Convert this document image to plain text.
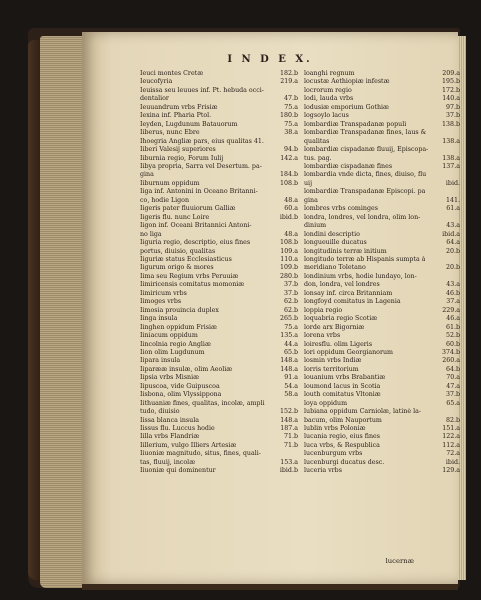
I N D E X.
Ieuci montes Cretæ	182.b
Ieucofyria	219.a
Ieuissa seu leuues inf. Pt. hebuda occi-
dentalior	47.b
Ieuuandrum vrbs Frisiæ	75.a
Iexina inf. Pharia Ptol.	180.b
Ieyden, Lugdunum Batauorum	75.a
Iiberus, nunc Ebre	38.a
Ihoegria Angliæ pars, eius qualitas 41.
Iiberi Valesij superiores	94.b
Iiburnia regio, Forum Iulij	142.a
Iibya propria, Sarra vel Desertum. pa-
gina	184.b
Iiburnum oppidum	108.b
Iiga inf. Antonini in Oceano Britanni-
co, hodie Ligon	48.a
Iigeris pater fluuiorum Galliæ	60.a
Iigeris flu. nunc Loire	ibid.b
Iigon inf. Oceani Britannici Antoni-
no liga	48.a
Iiguria regio, descriptio, eius fines	108.b
portus, diuisio, qualitas	109.a
Iiguriæ status Ecclesiasticus	110.a
Iigurum origo & mores	109.b
Iima seu Regium vrbs Peruuiæ	280.b
Iimiricensis comitatus momoniæ	37.b
Iimiricum vrbs	37.b
Iimoges vrbs	62.b
Iimosia prouincia duplex	62.b
Iinga insula	265.b
Iinghen oppidum Frisiæ	75.a
Iiniacum oppidum	135.a
Iincolnia regio Angliæ	44.a
Iion olim Lugdunum	65.b
Iipara insula	148.a
Iiparææ insulæ, olim Aeoliæ	148.a
Iipsia vrbs Misniæ	91.a
Iipuscoa, vide Guipuscoa	54.a
Iisbona, olim Vlyssippona	58.a
Iithuaniæ fines, qualitas, incolæ, ampli
tudo, diuisio	152.b
Iissa blanca insula	148.a
Iissus flu. Luccus hodie	187.a
Iilla vrbs Flandriæ	71.b
Iillerium, vulgo Illiers Artesiæ	71.b
Iiuoniæ magnitudo, situs, fines, quali-
tas, fluuij, incolæ	153.a
Iiuoniæ qui dominentur	ibid.b
loanghi regnum	209.a
locustæ Aethiopiæ infestæ	195.b
locrorum regio	172.b
lodi, lauda vrbs	140.a
lodusiæ emporium Gothiæ	97.b
logsoylo lacus	37.b
lombardiæ Transpadanæ populi	138.b
lombardiæ Transpadanæ fines, laus &
qualitas	138.a
lombardiæ cispadanæ fluuij, Episcopa-
tus. pag.	138.a
lombardiæ cispadanæ fines	137.a
lombardia vnde dicta, fines, diuiso, flu
uij	ibid.
lombardiæ Transpadanæ Episcopi. pa
gina	141.
lombres vrbs cominges	61.a
londra, londres, vel londra, olim lon-
dinium	43.a
londini descriptio	ibid.a
longueuille ducatus	64.a
longitudinis terræ initium	20.b
longitudo terræ ab Hispanis sumpta à
meridiano Toletano	20.b
londinium vrbs, hodie lundayo, lon-
don, londra, vel londres	43.a
lonsay inf. circa Britanniam	46.b
longfoyd comitatus in Lagenia	37.a
loppia regio	229.a
loquabria regio Scotiæ	46.a
lorde arx Bigorniæ	61.b
lorena vrbs	52.b
loiresflu. olim Ligeris	60.b
lori oppidum Georgianorum	374.b
losmin vrbs Indiæ	260.a
lorris territorium	64.b
louanium vrbs Brabantiæ	70.a
loumond lacus in Scotia	47.a
louth comitatus Vltoniæ	37.b
loya oppidum	65.a
lubiana oppidum Carniolæ, latinè la-
bacum, olim Nauportum	82.b
lublin vrbs Poloniæ	151.a
lucania regio, eius fines	122.a
luca vrbs, & Respublica	112.a
lucenburgum vrbs	72.a
lucenburgi ducatus desc.	ibid.
luceria vrbs	129.a
lucernæ
